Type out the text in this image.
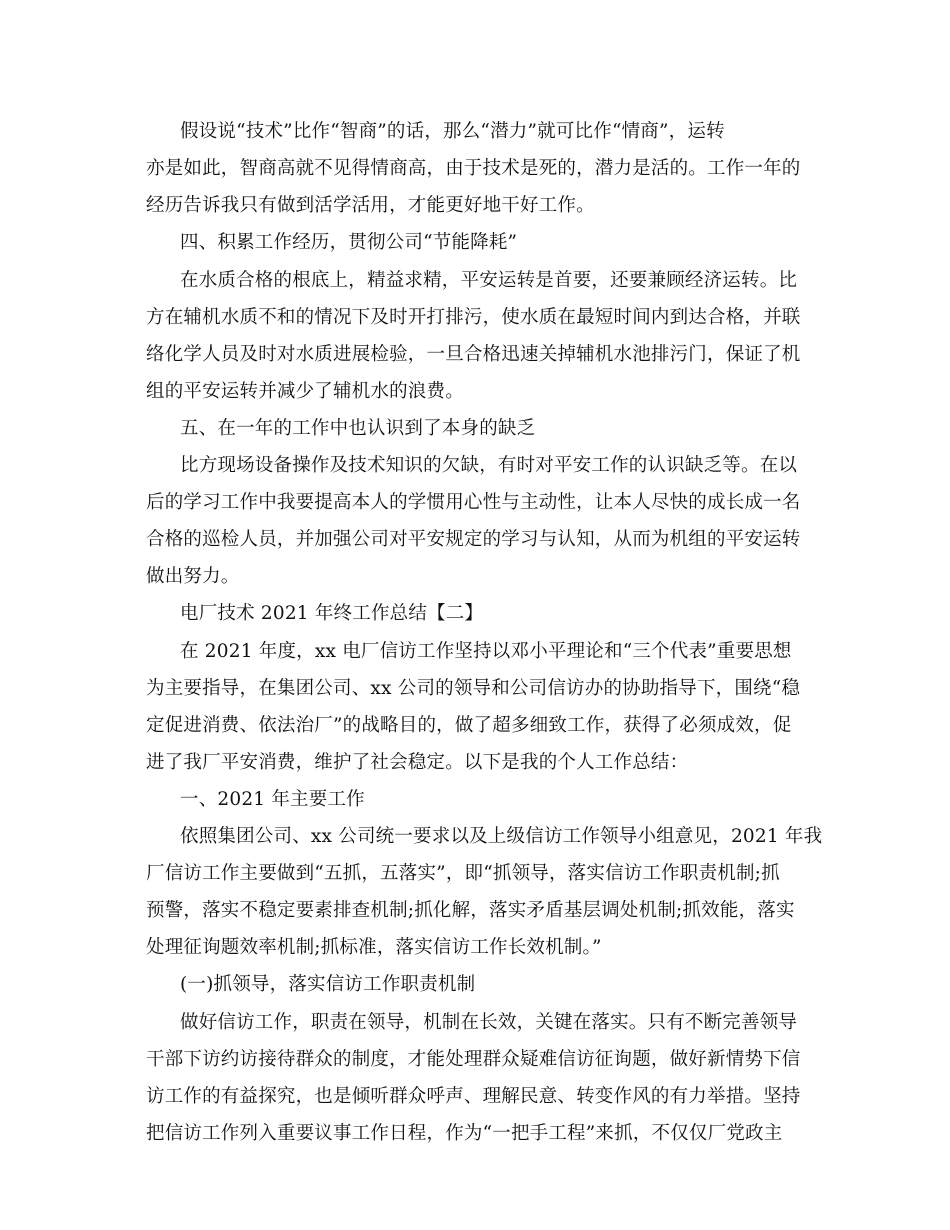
假设说“技术”比作“智商”的话，那么“潜力”就可比作“情商”，运转
亦是如此，智商高就不见得情商高，由于技术是死的，潜力是活的。工作一年的
经历告诉我只有做到活学活用，才能更好地干好工作。
四、积累工作经历，贯彻公司“节能降耗”
在水质合格的根底上，精益求精，平安运转是首要，还要兼顾经济运转。比
方在辅机水质不和的情况下及时开打排污，使水质在最短时间内到达合格，并联
络化学人员及时对水质进展检验，一旦合格迅速关掉辅机水池排污门，保证了机
组的平安运转并减少了辅机水的浪费。
五、在一年的工作中也认识到了本身的缺乏
比方现场设备操作及技术知识的欠缺，有时对平安工作的认识缺乏等。在以
后的学习工作中我要提高本人的学惯用心性与主动性，让本人尽快的成长成一名
合格的巡检人员，并加强公司对平安规定的学习与认知，从而为机组的平安运转
做出努力。
电厂技术 2021 年终工作总结【二】
在 2021 年度，xx 电厂信访工作坚持以邓小平理论和“三个代表”重要思想
为主要指导，在集团公司、xx 公司的领导和公司信访办的协助指导下，围绕“稳
定促进消费、依法治厂”的战略目的，做了超多细致工作，获得了必须成效，促
进了我厂平安消费，维护了社会稳定。以下是我的个人工作总结：
一、2021 年主要工作
依照集团公司、xx 公司统一要求以及上级信访工作领导小组意见，2021 年我
厂信访工作主要做到“五抓，五落实”，即“抓领导，落实信访工作职责机制;抓
预警，落实不稳定要素排查机制;抓化解，落实矛盾基层调处机制;抓效能，落实
处理征询题效率机制;抓标准，落实信访工作长效机制。”
(一)抓领导，落实信访工作职责机制
做好信访工作，职责在领导，机制在长效，关键在落实。只有不断完善领导
干部下访约访接待群众的制度，才能处理群众疑难信访征询题，做好新情势下信
访工作的有益探究，也是倾听群众呼声、理解民意、转变作风的有力举措。坚持
把信访工作列入重要议事工作日程，作为“一把手工程”来抓，不仅仅厂党政主
